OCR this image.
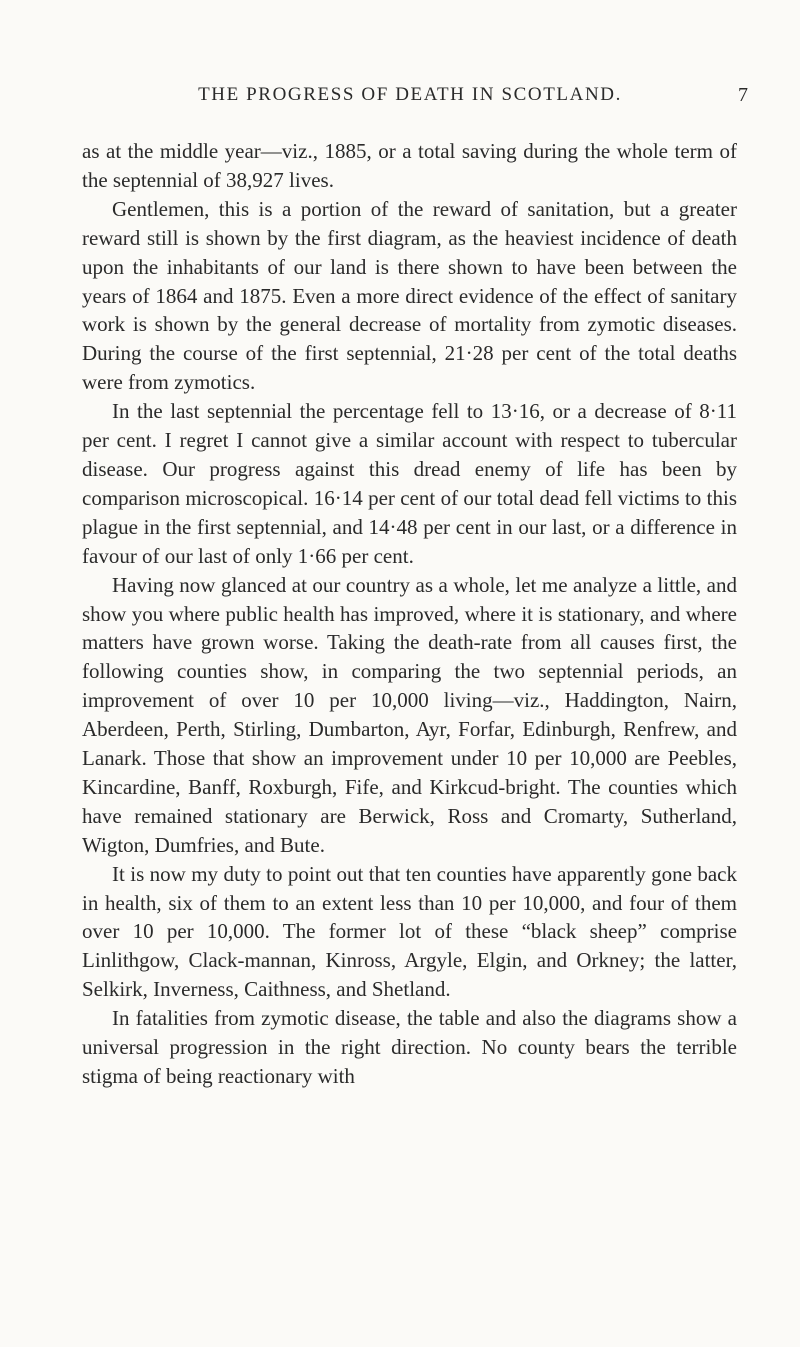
THE PROGRESS OF DEATH IN SCOTLAND.	7

as at the middle year—viz., 1885, or a total saving during the whole term of the septennial of 38,927 lives.

Gentlemen, this is a portion of the reward of sanitation, but a greater reward still is shown by the first diagram, as the heaviest incidence of death upon the inhabitants of our land is there shown to have been between the years of 1864 and 1875. Even a more direct evidence of the effect of sanitary work is shown by the general decrease of mortality from zymotic diseases. During the course of the first septennial, 21·28 per cent of the total deaths were from zymotics.

In the last septennial the percentage fell to 13·16, or a decrease of 8·11 per cent. I regret I cannot give a similar account with respect to tubercular disease. Our progress against this dread enemy of life has been by comparison microscopical. 16·14 per cent of our total dead fell victims to this plague in the first septennial, and 14·48 per cent in our last, or a difference in favour of our last of only 1·66 per cent.

Having now glanced at our country as a whole, let me analyze a little, and show you where public health has improved, where it is stationary, and where matters have grown worse. Taking the death-rate from all causes first, the following counties show, in comparing the two septennial periods, an improvement of over 10 per 10,000 living—viz., Haddington, Nairn, Aberdeen, Perth, Stirling, Dumbarton, Ayr, Forfar, Edinburgh, Renfrew, and Lanark. Those that show an improvement under 10 per 10,000 are Peebles, Kincardine, Banff, Roxburgh, Fife, and Kirkcud-bright. The counties which have remained stationary are Berwick, Ross and Cromarty, Sutherland, Wigton, Dumfries, and Bute.

It is now my duty to point out that ten counties have apparently gone back in health, six of them to an extent less than 10 per 10,000, and four of them over 10 per 10,000. The former lot of these “black sheep” comprise Linlithgow, Clack-mannan, Kinross, Argyle, Elgin, and Orkney; the latter, Selkirk, Inverness, Caithness, and Shetland.

In fatalities from zymotic disease, the table and also the diagrams show a universal progression in the right direction. No county bears the terrible stigma of being reactionary with
